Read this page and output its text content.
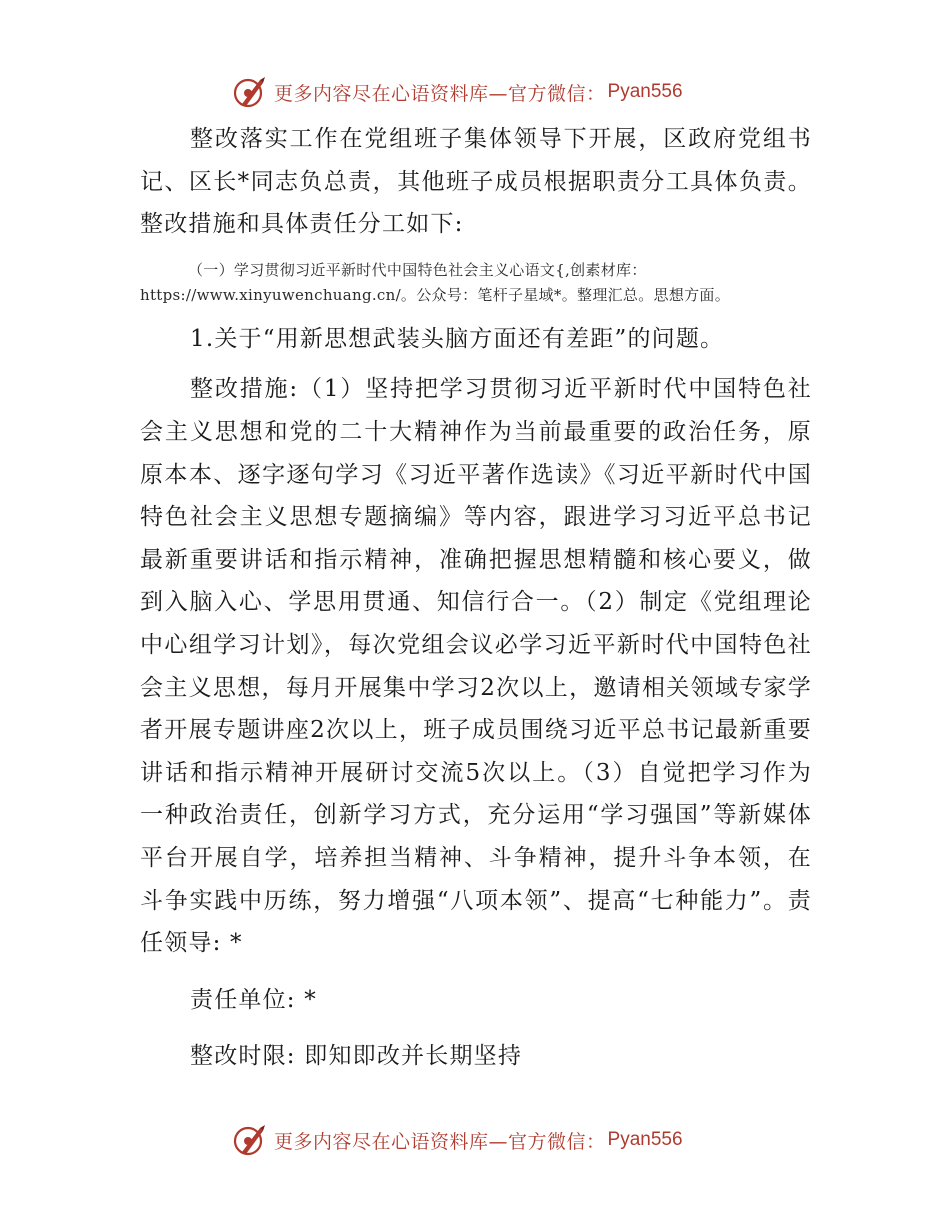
更多内容尽在心语资料库—官方微信： Pyan556

整改落实工作在党组班子集体领导下开展，区政府党组书记、区长*同志负总责，其他班子成员根据职责分工具体负责。整改措施和具体责任分工如下:

（一）学习贯彻习近平新时代中国特色社会主义心语文{,创素材库：https://www.xinyuwenchuang.cn/。公众号：笔杆子星域*。整理汇总。思想方面。

1.关于“用新思想武装头脑方面还有差距”的问题。

整改措施:（1）坚持把学习贯彻习近平新时代中国特色社会主义思想和党的二十大精神作为当前最重要的政治任务，原原本本、逐字逐句学习《习近平著作选读》《习近平新时代中国特色社会主义思想专题摘编》等内容，跟进学习习近平总书记最新重要讲话和指示精神，准确把握思想精髓和核心要义，做到入脑入心、学思用贯通、知信行合一。（2）制定《党组理论中心组学习计划》，每次党组会议必学习近平新时代中国特色社会主义思想，每月开展集中学习2次以上，邀请相关领域专家学者开展专题讲座2次以上，班子成员围绕习近平总书记最新重要讲话和指示精神开展研讨交流5次以上。（3）自觉把学习作为一种政治责任，创新学习方式，充分运用“学习强国”等新媒体平台开展自学，培养担当精神、斗争精神，提升斗争本领，在斗争实践中历练，努力增强“八项本领”、提高“七种能力”。责任领导: *

责任单位: *

整改时限: 即知即改并长期坚持

更多内容尽在心语资料库—官方微信： Pyan556
